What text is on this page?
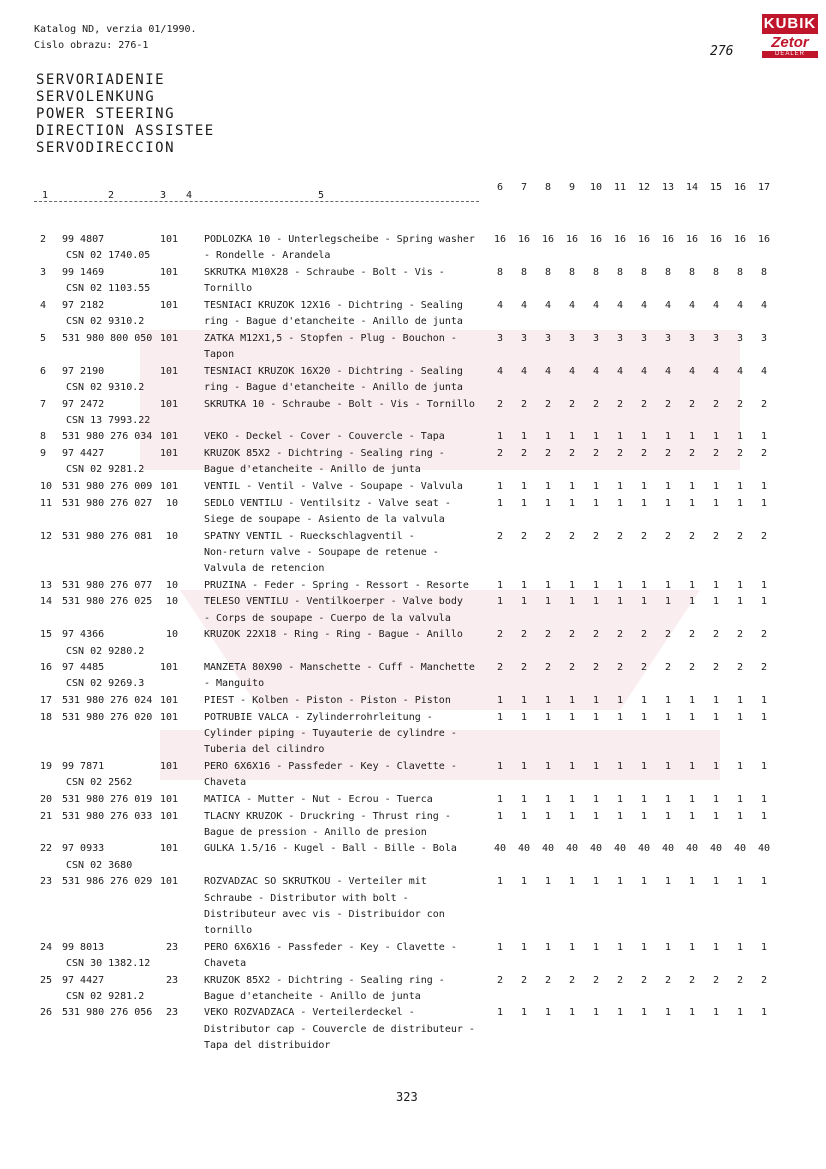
Katalog ND, verzia 01/1990.
Cislo obrazu: 276-1	276
KUBIK
Zetor
DEALER
SERVORIADENIE
SERVOLENKUNG
POWER STEERING
DIRECTION ASSISTEE
SERVODIRECCION
1	2	3 4	5
6	7	8	9	10 11 12 13 14 15 16 17
2 99 4807	101
CSN 02 1740.05
PODLOZKA 10 - Unterlegscheibe - Spring washer
- Rondelle - Arandela
16 16 16 16 16 16 16 16 16 16 16 16
3 99 1469	101
CSN 02 1103.55
SKRUTKA M10X28 - Schraube - Bolt - Vis -
Tornillo
8	8	8	8	8	8	8	8	8	8	8	8
4 97 2182	101
CSN 02 9310.2
TESNIACI KRUZOK 12X16 - Dichtring - Sealing
ring - Bague d'etancheite - Anillo de junta
4	4	4	4	4	4	4	4	4	4	4	4
5 531 980 800 050 101	ZATKA M12X1,5 - Stopfen - Plug - Bouchon -
Tapon
3	3	3	3	3	3	3	3	3	3	3	3
6 97 2190	101
CSN 02 9310.2
TESNIACI KRUZOK 16X20 - Dichtring - Sealing
ring - Bague d'etancheite - Anillo de junta
4	4	4	4	4	4	4	4	4	4	4	4
7 97 2472	101
CSN 13 7993.22
SKRUTKA 10 - Schraube - Bolt - Vis - Tornillo	2	2	2	2	2	2	2	2	2	2	2	2
8 531 980 276 034 101	VEKO - Deckel - Cover - Couvercle - Tapa	1	1	1	1	1	1	1	1	1	1	1	1
9 97 4427	101
CSN 02 9281.2
KRUZOK 85X2 - Dichtring - Sealing ring -
Bague d'etancheite - Anillo de junta
2	2	2	2	2	2	2	2	2	2	2	2
10 531 980 276 009 101	VENTIL - Ventil - Valve - Soupape - Valvula	1	1	1	1	1	1	1	1	1	1	1	1
11 531 980 276 027	10	SEDLO VENTILU - Ventilsitz - Valve seat -
Siege de soupape - Asiento de la valvula
1	1	1	1	1	1	1	1	1	1	1	1
12 531 980 276 081	10	SPATNY VENTIL - Rueckschlagventil -
Non-return valve - Soupape de retenue -
Valvula de retencion
2	2	2	2	2	2	2	2	2	2	2	2
13 531 980 276 077	10	PRUZINA - Feder - Spring - Ressort - Resorte	1	1	1	1	1	1	1	1	1	1	1	1
14 531 980 276 025	10	TELESO VENTILU - Ventilkoerper - Valve body
- Corps de soupape - Cuerpo de la valvula
1	1	1	1	1	1	1	1	1	1	1	1
15 97 4366	10
CSN 02 9280.2
KRUZOK 22X18 - Ring - Ring - Bague - Anillo	2	2	2	2	2	2	2	2	2	2	2	2
16 97 4485	101
CSN 02 9269.3
MANZETA 80X90 - Manschette - Cuff - Manchette
- Manguito
2	2	2	2	2	2	2	2	2	2	2	2
17 531 980 276 024 101	PIEST - Kolben - Piston - Piston - Piston	1	1	1	1	1	1	1	1	1	1	1	1
18 531 980 276 020 101	POTRUBIE VALCA - Zylinderrohrleitung -
Cylinder piping - Tuyauterie de cylindre -
Tuberia del cilindro
1	1	1	1	1	1	1	1	1	1	1	1
19 99 7871	101
CSN 02 2562
PERO 6X6X16 - Passfeder - Key - Clavette -
Chaveta
1	1	1	1	1	1	1	1	1	1	1	1
20 531 980 276 019 101	MATICA - Mutter - Nut - Ecrou - Tuerca	1	1	1	1	1	1	1	1	1	1	1	1
21 531 980 276 033 101	TLACNY KRUZOK - Druckring - Thrust ring -
Bague de pression - Anillo de presion
1	1	1	1	1	1	1	1	1	1	1	1
22 97 0933	101
CSN 02 3680
GULKA 1.5/16 - Kugel - Ball - Bille - Bola	40 40 40 40 40 40 40 40 40 40 40 40
23 531 986 276 029 101	ROZVADZAC SO SKRUTKOU - Verteiler mit
Schraube - Distributor with bolt -
Distributeur avec vis - Distribuidor con
tornillo
1	1	1	1	1	1	1	1	1	1	1	1
24 99 8013	23
CSN 30 1382.12
PERO 6X6X16 - Passfeder - Key - Clavette -
Chaveta
1	1	1	1	1	1	1	1	1	1	1	1
25 97 4427	23
CSN 02 9281.2
KRUZOK 85X2 - Dichtring - Sealing ring -
Bague d'etancheite - Anillo de junta
2	2	2	2	2	2	2	2	2	2	2	2
26 531 980 276 056	23	VEKO ROZVADZACA - Verteilerdeckel -
Distributor cap - Couvercle de distributeur -
Tapa del distribuidor
1	1	1	1	1	1	1	1	1	1	1	1
323
